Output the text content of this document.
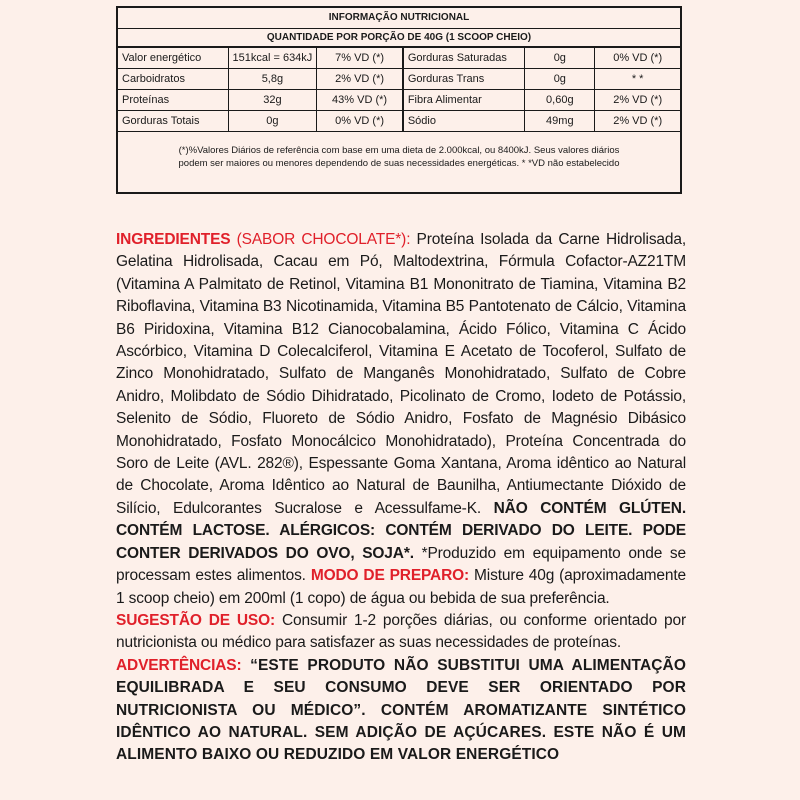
INFORMAÇÃO NUTRICIONAL
QUANTIDADE POR PORÇÃO DE 40G (1 SCOOP CHEIO)
Valor energético	151kcal = 634kJ	7% VD (*)	Gorduras Saturadas	0g	0% VD (*)
Carboidratos	5,8g	2% VD (*)	Gorduras Trans	0g	* *
Proteínas	32g	43% VD (*)	Fibra Alimentar	0,60g	2% VD (*)
Gorduras Totais	0g	0% VD (*)	Sódio	49mg	2% VD (*)
(*)%Valores Diários de referência com base em uma dieta de 2.000kcal, ou 8400kJ. Seus valores diários
podem ser maiores ou menores dependendo de suas necessidades energéticas. * *VD não estabelecido
INGREDIENTES (SABOR CHOCOLATE*): Proteína Isolada da Carne Hidrolisada, Gelatina Hidrolisada, Cacau em Pó, Maltodextrina, Fórmula Cofactor-AZ21TM (Vitamina A Palmitato de Retinol, Vitamina B1 Mononitrato de Tiamina, Vitamina B2 Riboflavina, Vitamina B3 Nicotinamida, Vitamina B5 Pantotenato de Cálcio, Vitamina B6 Piridoxina, Vitamina B12 Cianocobalamina, Ácido Fólico, Vitamina C Ácido Ascórbico, Vitamina D Colecalciferol, Vitamina E Acetato de Tocoferol, Sulfato de Zinco Monohidratado, Sulfato de Manganês Monohidratado, Sulfato de Cobre Anidro, Molibdato de Sódio Dihidratado, Picolinato de Cromo, Iodeto de Potássio, Selenito de Sódio, Fluoreto de Sódio Anidro, Fosfato de Magnésio Dibásico Monohidratado, Fosfato Monocálcico Monohidratado), Proteína Concentrada do Soro de Leite (AVL. 282®), Espessante Goma Xantana, Aroma idêntico ao Natural de Chocolate, Aroma Idêntico ao Natural de Baunilha, Antiumectante Dióxido de Silício, Edulcorantes Sucralose e Acessulfame-K. NÃO CONTÉM GLÚTEN. CONTÉM LACTOSE. ALÉRGICOS: CONTÉM DERIVADO DO LEITE. PODE CONTER DERIVADOS DO OVO, SOJA*. *Produzido em equipamento onde se processam estes alimentos. MODO DE PREPARO: Misture 40g (aproximadamente 1 scoop cheio) em 200ml (1 copo) de água ou bebida de sua preferência.
SUGESTÃO DE USO: Consumir 1-2 porções diárias, ou conforme orientado por nutricionista ou médico para satisfazer as suas necessidades de proteínas.
ADVERTÊNCIAS: “ESTE PRODUTO NÃO SUBSTITUI UMA ALIMENTAÇÃO EQUILIBRADA E SEU CONSUMO DEVE SER ORIENTADO POR NUTRICIONISTA OU MÉDICO”. CONTÉM AROMATIZANTE SINTÉTICO IDÊNTICO AO NATURAL. SEM ADIÇÃO DE AÇÚCARES. ESTE NÃO É UM ALIMENTO BAIXO OU REDUZIDO EM VALOR ENERGÉTICO
